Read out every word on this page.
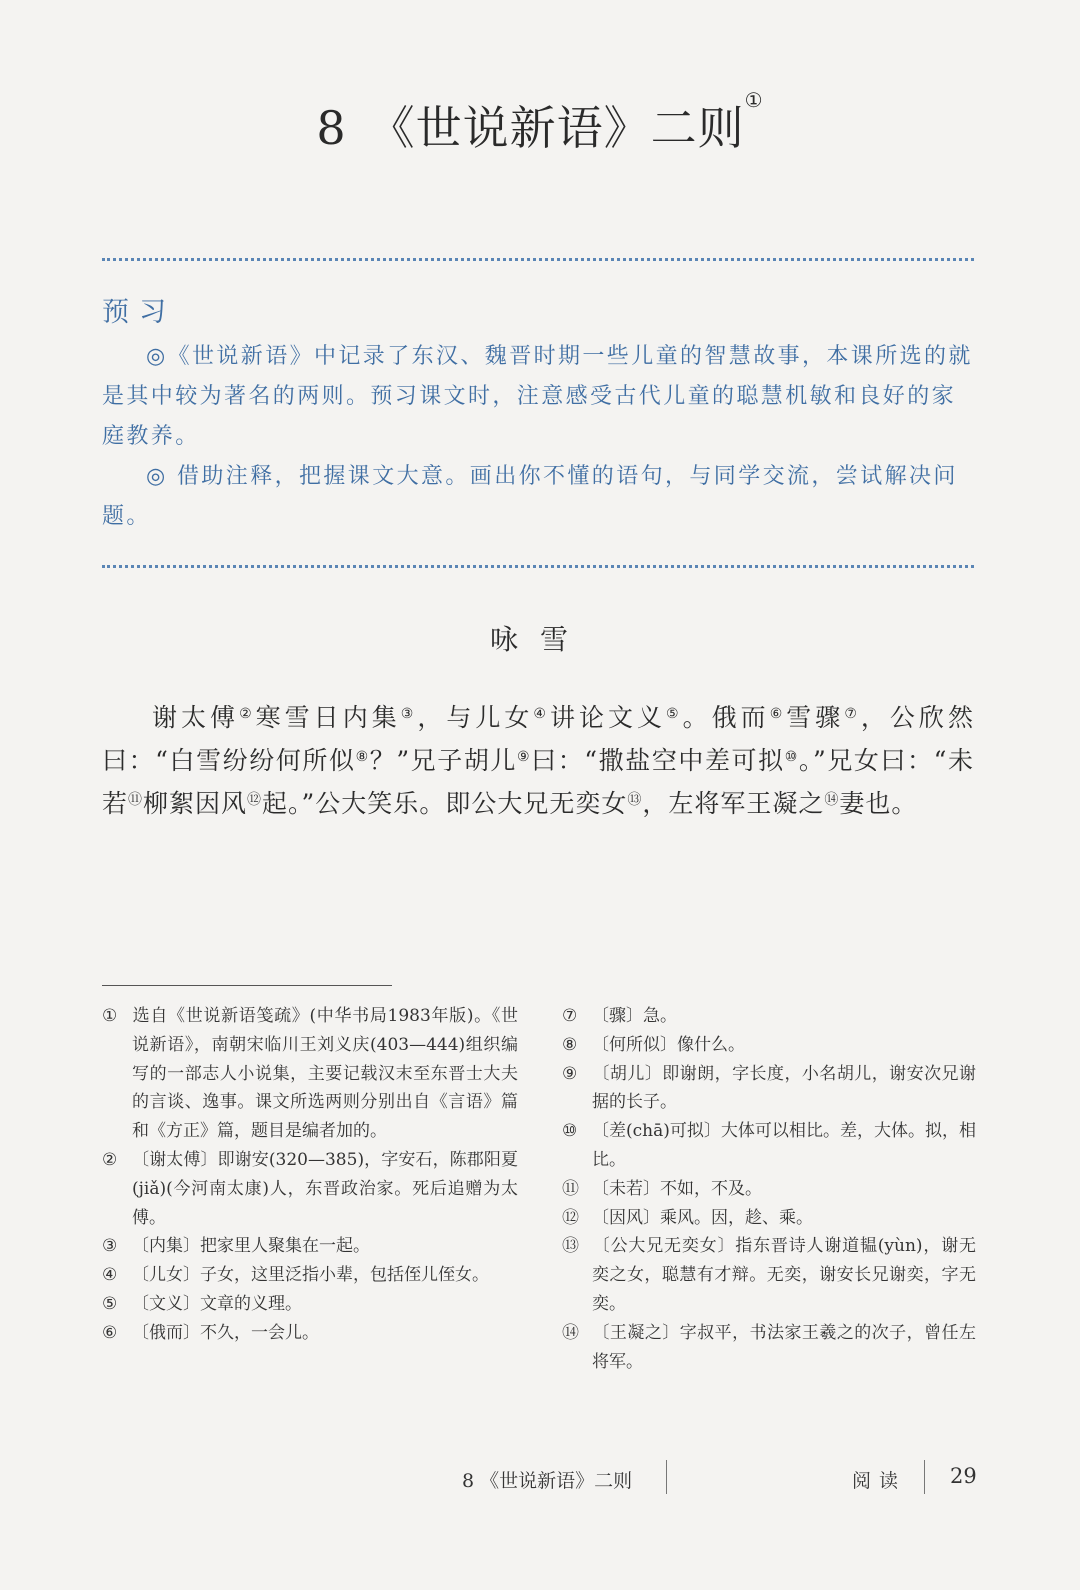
8 《世说新语》二则①
预习

◎《世说新语》中记录了东汉、魏晋时期一些儿童的智慧故事，本课所选的就是其中较为著名的两则。预习课文时，注意感受古代儿童的聪慧机敏和良好的家庭教养。

◎ 借助注释，把握课文大意。画出你不懂的语句，与同学交流，尝试解决问题。

咏雪
谢太傅②寒雪日内集③，与儿女④讲论文义⑤。俄而⑥雪骤⑦，公欣然曰：“白雪纷纷何所似⑧？”兄子胡儿⑨曰：“撒盐空中差可拟⑩。”兄女曰：“未若⑪柳絮因风⑫起。”公大笑乐。即公大兄无奕女⑬，左将军王凝之⑭妻也。
① 选自《世说新语笺疏》(中华书局1983年版)。《世说新语》，南朝宋临川王刘义庆(403—444)组织编写的一部志人小说集，主要记载汉末至东晋士大夫的言谈、逸事。课文所选两则分别出自《言语》篇和《方正》篇，题目是编者加的。
② 〔谢太傅〕即谢安(320—385)，字安石，陈郡阳夏(jiǎ)(今河南太康)人，东晋政治家。死后追赠为太傅。
③ 〔内集〕把家里人聚集在一起。
④ 〔儿女〕子女，这里泛指小辈，包括侄儿侄女。
⑤ 〔文义〕文章的义理。
⑥ 〔俄而〕不久，一会儿。
⑦ 〔骤〕急。
⑧ 〔何所似〕像什么。
⑨ 〔胡儿〕即谢朗，字长度，小名胡儿，谢安次兄谢据的长子。
⑩ 〔差(chā)可拟〕大体可以相比。差，大体。拟，相比。
⑪ 〔未若〕不如，不及。
⑫ 〔因风〕乘风。因，趁、乘。
⑬ 〔公大兄无奕女〕指东晋诗人谢道韫(yùn)，谢无奕之女，聪慧有才辩。无奕，谢安长兄谢奕，字无奕。
⑭ 〔王凝之〕字叔平，书法家王羲之的次子，曾任左将军。
8 《世说新语》二则	阅读 29
